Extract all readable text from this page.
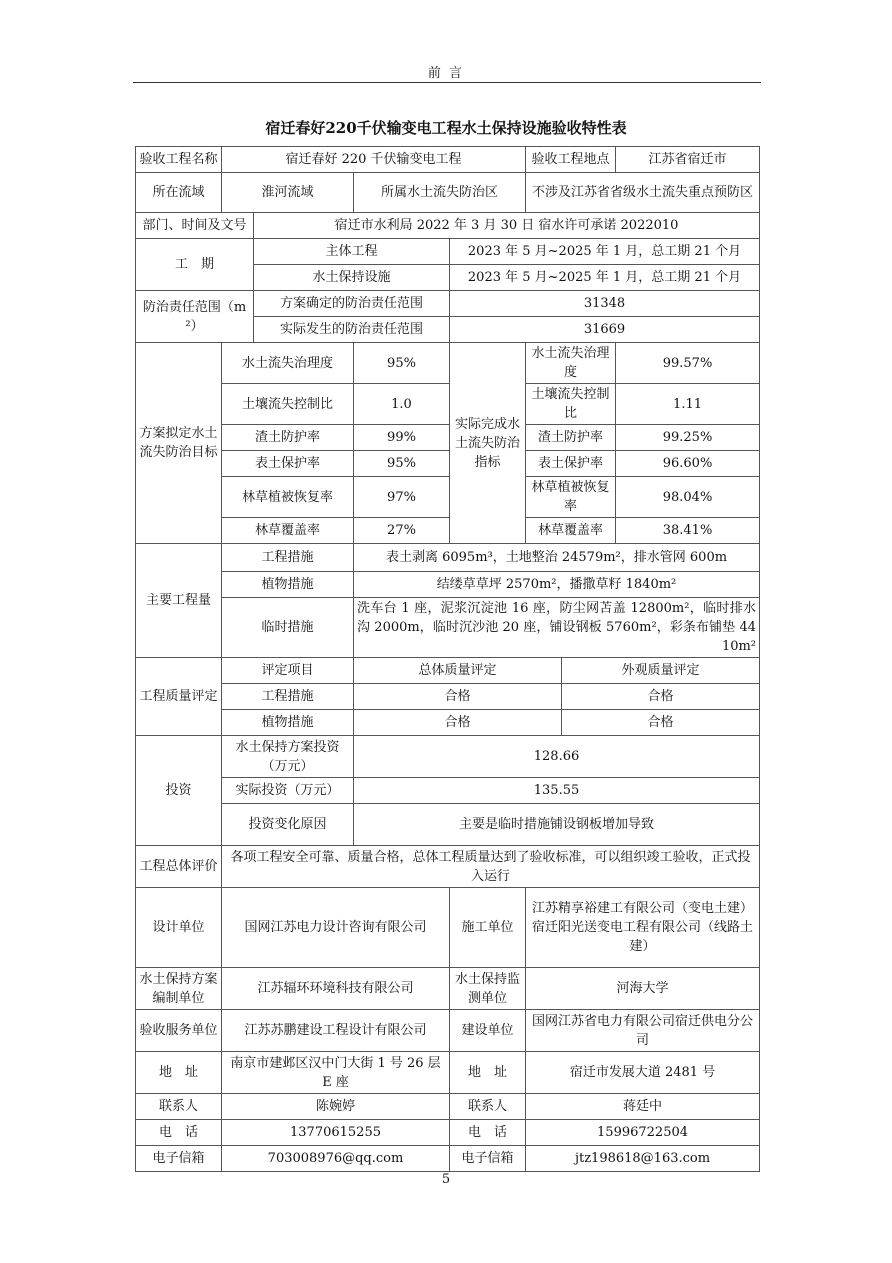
前 言
宿迁春好220千伏输变电工程水土保持设施验收特性表
验收工程名称	宿迁春好 220 千伏输变电工程				验收工程地点		江苏省宿迁市
所在流域	淮河流域		所属水土流失防治区		不涉及江苏省省级水土流失重点预防区		
部门、时间及文号		宿迁市水利局 2022 年 3 月 30 日 宿水许可承诺 2022010					
工　期		主体工程		2023 年 5 月~2025 年 1 月，总工期 21 个月			
		水土保持设施		2023 年 5 月~2025 年 1 月，总工期 21 个月			
防治责任范围（m²）		方案确定的防治责任范围		31348			
		实际发生的防治责任范围		31669			
方案拟定水土流失防治目标	水土流失治理度		95%	实际完成水土流失防治指标	水土流失治理度		99.57%
	土壤流失控制比		1.0		土壤流失控制比		1.11
	渣土防护率		99%		渣土防护率		99.25%
	表土保护率		95%		表土保护率		96.60%
	林草植被恢复率		97%		林草植被恢复率		98.04%
	林草覆盖率		27%		林草覆盖率		38.41%
主要工程量	工程措施		表土剥离 6095m³，土地整治 24579m²，排水管网 600m				
	植物措施		结缕草草坪 2570m²，播撒草籽 1840m²				
	临时措施		洗车台 1 座，泥浆沉淀池 16 座，防尘网苫盖 12800m²，临时排水沟 2000m，临时沉沙池 20 座，铺设钢板 5760m²，彩条布铺垫 4410m²				
工程质量评定	评定项目		总体质量评定			外观质量评定	
	工程措施		合格			合格	
	植物措施		合格			合格	
投资	水土保持方案投资（万元）		128.66				
	实际投资（万元）		135.55				
	投资变化原因		主要是临时措施铺设钢板增加导致				
工程总体评价	各项工程安全可靠、质量合格，总体工程质量达到了验收标准，可以组织竣工验收，正式投入运行						
设计单位	国网江苏电力设计咨询有限公司			施工单位	江苏精享裕建工有限公司（变电土建）
宿迁阳光送变电工程有限公司（线路土建）		

水土保持方案编制单位	江苏辐环环境科技有限公司			水土保持监测单位	河海大学		
验收服务单位	江苏苏鹏建设工程设计有限公司			建设单位	国网江苏省电力有限公司宿迁供电分公司		
地　址	南京市建邺区汉中门大街 1 号 26 层 E 座			地　址	宿迁市发展大道 2481 号		
联系人	陈婉婷			联系人	蒋廷中		
电　话	13770615255			电　话	15996722504		
电子信箱	703008976@qq.com			电子信箱	jtz198618@163.com		
5
